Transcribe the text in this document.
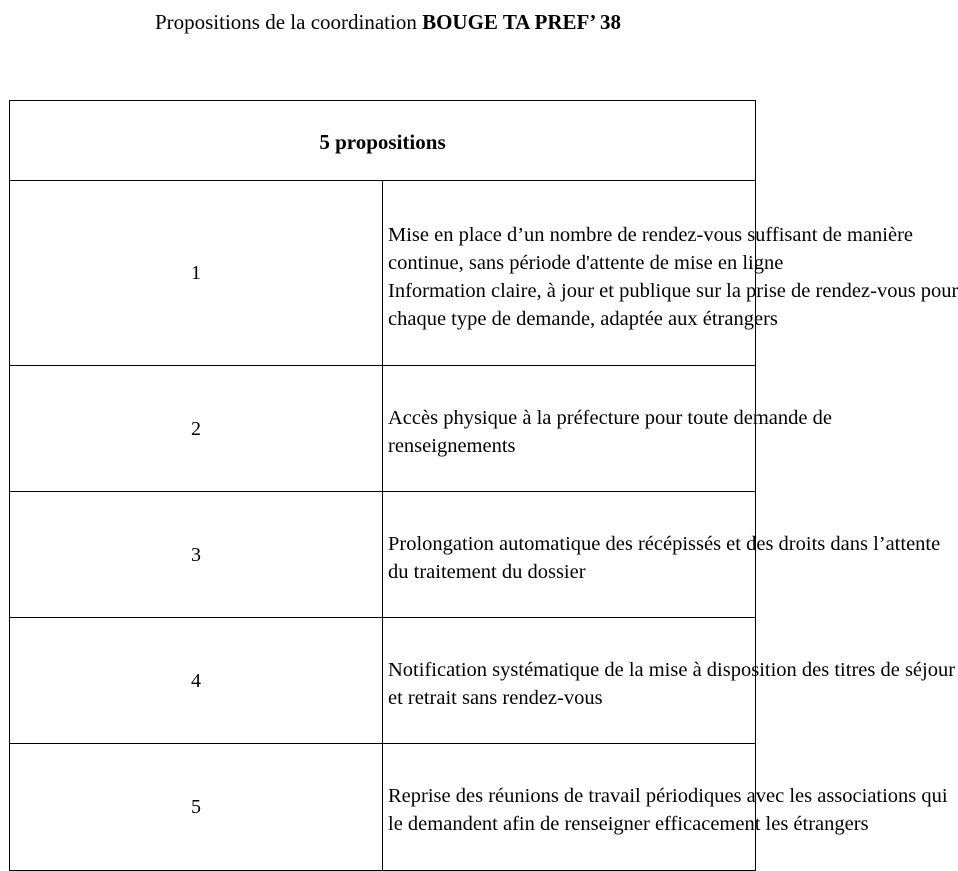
Propositions de la coordination BOUGE TA PREF’ 38
5 propositions	
1	Mise en place d’un nombre de rendez-vous suffisant de manière
continue, sans période d'attente de mise en ligne
Information claire, à jour et publique sur la prise de rendez-vous pour
chaque type de demande, adaptée aux étrangers

2	Accès physique à la préfecture pour toute demande de
renseignements

3	Prolongation automatique des récépissés et des droits dans l’attente
du traitement du dossier

4	Notification systématique de la mise à disposition des titres de séjour
et retrait sans rendez-vous

5	Reprise des réunions de travail périodiques avec les associations qui
le demandent afin de renseigner efficacement les étrangers
